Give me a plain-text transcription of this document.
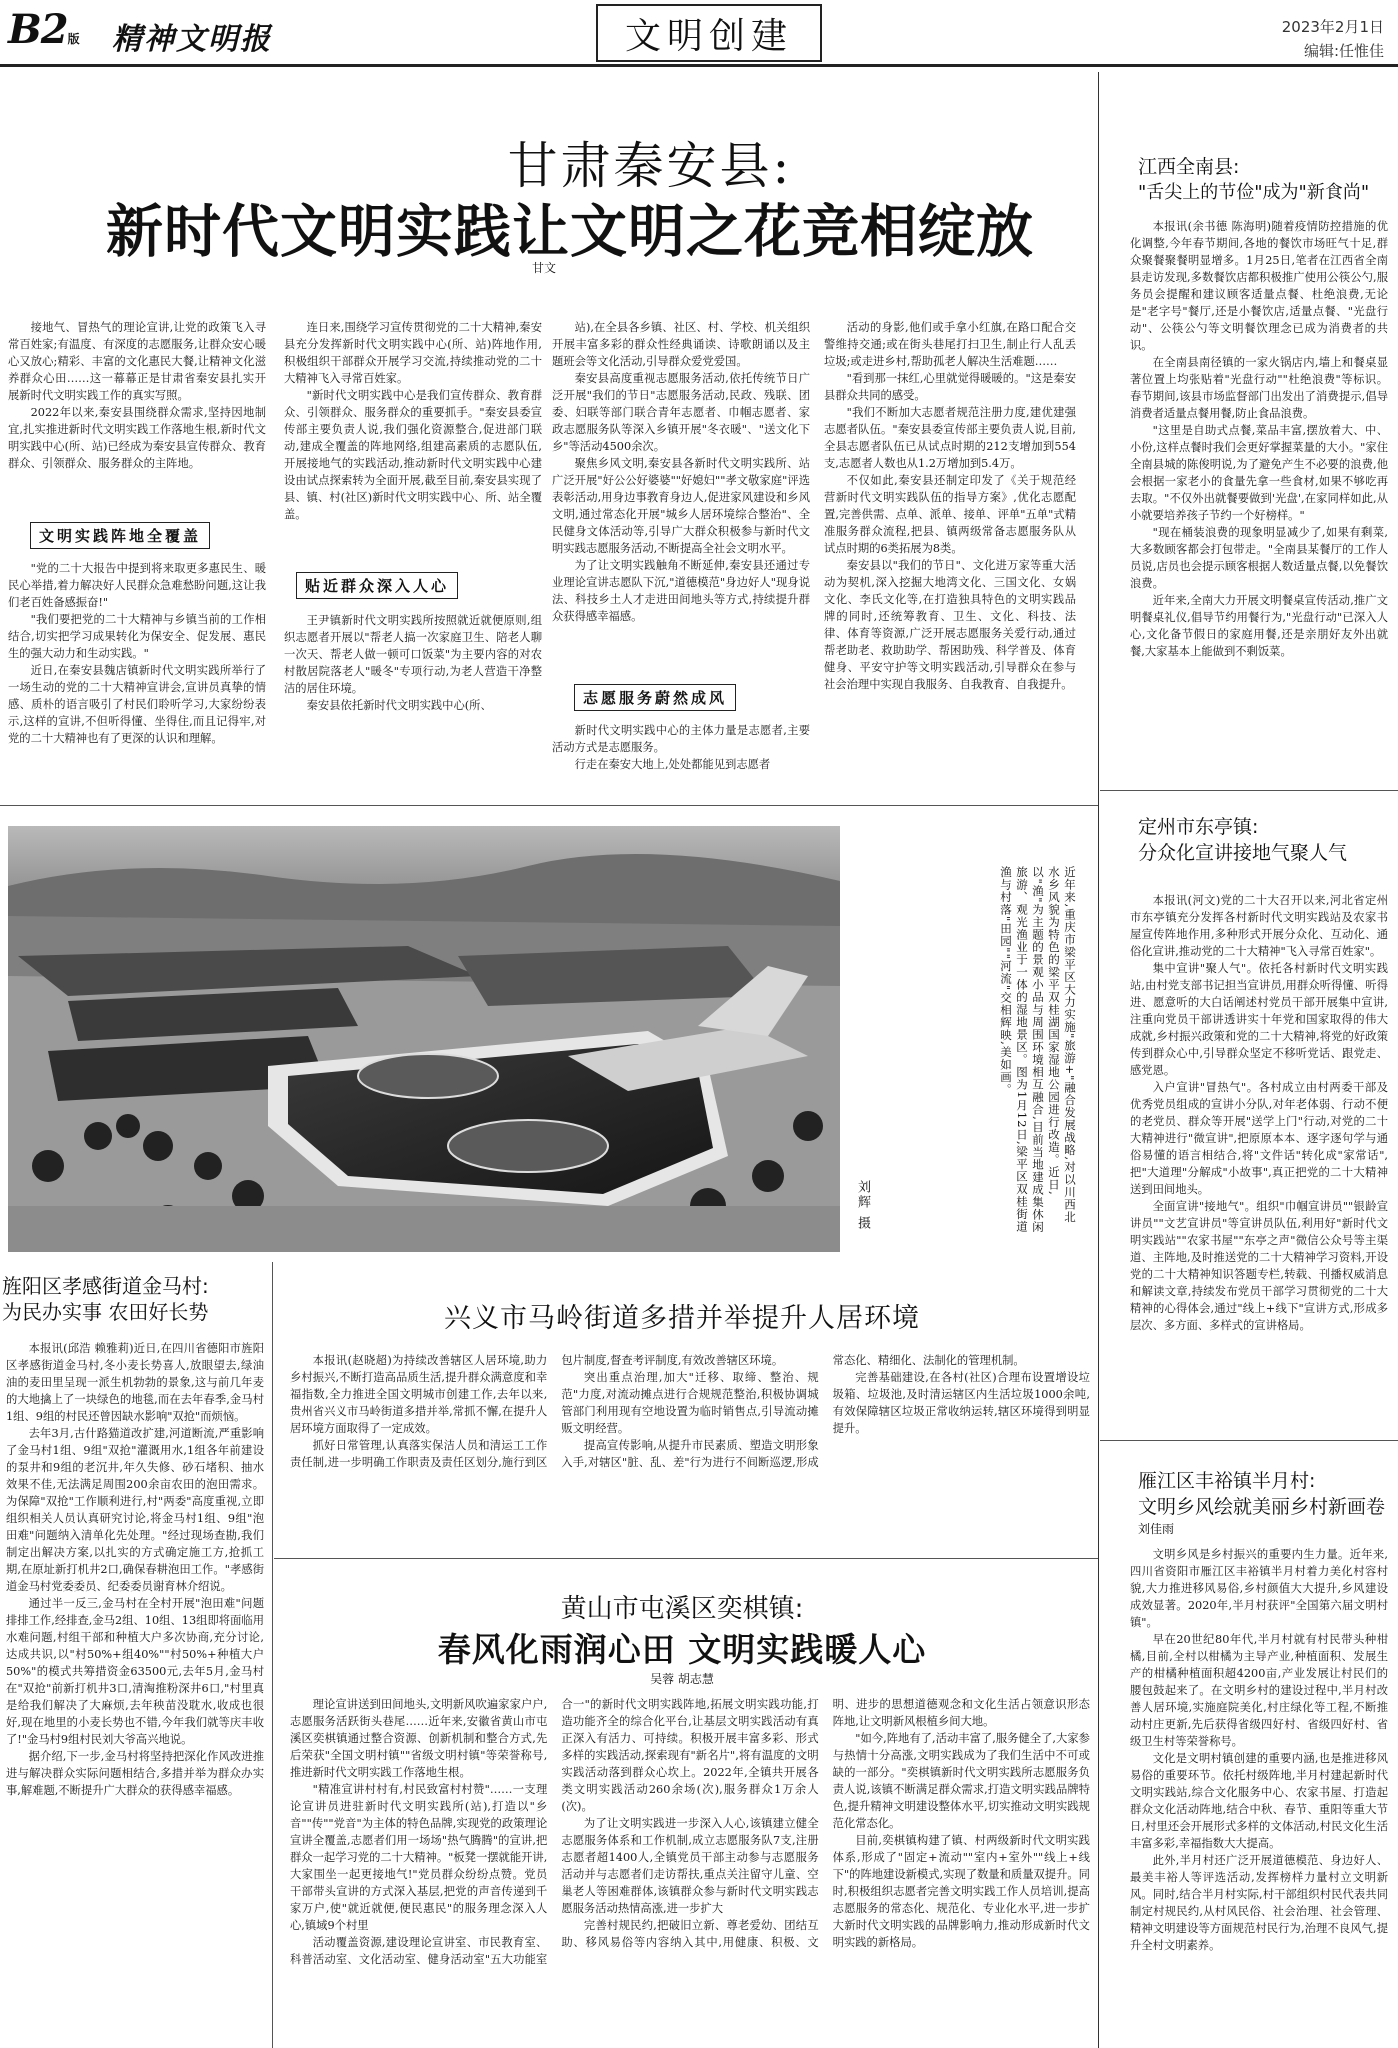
B2版 精神文明报	文明创建	2023年2月1日
编辑:任惟佳
甘肃秦安县:
新时代文明实践让文明之花竞相绽放
甘文

接地气、冒热气的理论宣讲,让党的政策飞入寻常百姓家;有温度、有深度的志愿服务,让群众安心暖心又放心;精彩、丰富的文化惠民大餐,让精神文化滋养群众心田……这一幕幕正是甘肃省秦安县扎实开展新时代文明实践工作的真实写照。

2022年以来,秦安县围绕群众需求,坚持因地制宜,扎实推进新时代文明实践工作落地生根,新时代文明实践中心(所、站)已经成为秦安县宣传群众、教育群众、引领群众、服务群众的主阵地。

文明实践阵地全覆盖

"党的二十大报告中提到将来取更多惠民生、暖民心举措,着力解决好人民群众急难愁盼问题,这让我们老百姓备感振奋!"

"我们要把党的二十大精神与乡镇当前的工作相结合,切实把学习成果转化为保安全、促发展、惠民生的强大动力和生动实践。"

近日,在秦安县魏店镇新时代文明实践所举行了一场生动的党的二十大精神宣讲会,宣讲员真挚的情感、质朴的语言吸引了村民们聆听学习,大家纷纷表示,这样的宣讲,不但听得懂、坐得住,而且记得牢,对党的二十大精神也有了更深的认识和理解。

连日来,围绕学习宣传贯彻党的二十大精神,秦安县充分发挥新时代文明实践中心(所、站)阵地作用,积极组织干部群众开展学习交流,持续推动党的二十大精神飞入寻常百姓家。

"新时代文明实践中心是我们宣传群众、教育群众、引领群众、服务群众的重要抓手。"秦安县委宣传部主要负责人说,我们强化资源整合,促进部门联动,建成全覆盖的阵地网络,组建高素质的志愿队伍,开展接地气的实践活动,推动新时代文明实践中心建设由试点探索转为全面开展,截至目前,秦安县实现了县、镇、村(社区)新时代文明实践中心、所、站全覆盖。

贴近群众深入人心

王尹镇新时代文明实践所按照就近就便原则,组织志愿者开展以"帮老人搞一次家庭卫生、陪老人聊一次天、帮老人做一顿可口饭菜"为主要内容的对农村散居院落老人"暖冬"专项行动,为老人营造干净整洁的居住环境。

秦安县依托新时代文明实践中心(所、

站),在全县各乡镇、社区、村、学校、机关组织开展丰富多彩的群众性经典诵读、诗歌朗诵以及主题班会等文化活动,引导群众爱党爱国。

秦安县高度重视志愿服务活动,依托传统节日广泛开展"我们的节日"志愿服务活动,民政、残联、团委、妇联等部门联合青年志愿者、巾帼志愿者、家政志愿服务队等深入乡镇开展"冬衣暖"、"送文化下乡"等活动4500余次。

聚焦乡风文明,秦安县各新时代文明实践所、站广泛开展"好公公好婆婆""好媳妇""孝文敬家庭"评选表彰活动,用身边事教育身边人,促进家风建设和乡风文明,通过常态化开展"城乡人居环境综合整治"、全民健身文体活动等,引导广大群众积极参与新时代文明实践志愿服务活动,不断提高全社会文明水平。

为了让文明实践触角不断延伸,秦安县还通过专业理论宣讲志愿队下沉,"道德模范"身边好人"现身说法、科技乡土人才走进田间地头等方式,持续提升群众获得感幸福感。

志愿服务蔚然成风

新时代文明实践中心的主体力量是志愿者,主要活动方式是志愿服务。

行走在秦安大地上,处处都能见到志愿者

活动的身影,他们或手拿小红旗,在路口配合交警维持交通;或在街头巷尾打扫卫生,制止行人乱丢垃圾;或走进乡村,帮助孤老人解决生活难题……

"看到那一抹红,心里就觉得暖暖的。"这是秦安县群众共同的感受。

"我们不断加大志愿者规范注册力度,建优建强志愿者队伍。"秦安县委宣传部主要负责人说,目前,全县志愿者队伍已从试点时期的212支增加到554支,志愿者人数也从1.2万增加到5.4万。

不仅如此,秦安县还制定印发了《关于规范经营新时代文明实践队伍的指导方案》,优化志愿配置,完善供需、点单、派单、接单、评单"五单"式精准服务群众流程,把县、镇两级常备志愿服务队从试点时期的6类拓展为8类。

秦安县以"我们的节日"、文化进万家等重大活动为契机,深入挖掘大地湾文化、三国文化、女娲文化、李氏文化等,在打造独具特色的文明实践品牌的同时,还统筹教育、卫生、文化、科技、法律、体育等资源,广泛开展志愿服务关爱行动,通过帮老助老、救助助学、帮困助残、科学普及、体育健身、平安守护等文明实践活动,引导群众在参与社会治理中实现自我服务、自我教育、自我提升。

江西全南县:
"舌尖上的节俭"成为"新食尚"

本报讯(余书德 陈海明)随着疫情防控措施的优化调整,今年春节期间,各地的餐饮市场旺气十足,群众聚餐聚餐明显增多。1月25日,笔者在江西省全南县走访发现,多数餐饮店都积极推广使用公筷公勺,服务员会提醒和建议顾客适量点餐、杜绝浪费,无论是"老字号"餐厅,还是小餐饮店,适量点餐、"光盘行动"、公筷公勺等文明餐饮理念已成为消费者的共识。

在全南县南径镇的一家火锅店内,墙上和餐桌显著位置上均张贴着"光盘行动""杜绝浪费"等标识。春节期间,该县市场监督部门出发出了消费提示,倡导消费者适量点餐用餐,防止食品浪费。

"这里是自助式点餐,菜品丰富,摆放着大、中、小份,这样点餐时我们会更好掌握菜量的大小。"家住全南县城的陈俊明说,为了避免产生不必要的浪费,他会根据一家老小的食量先拿一些食材,如果不够吃再去取。"不仅外出就餐要做到'光盘',在家同样如此,从小就要培养孩子节约一个好榜样。"

"现在桶装浪费的现象明显减少了,如果有剩菜,大多数顾客都会打包带走。"全南县某餐厅的工作人员说,店员也会提示顾客根据人数适量点餐,以免餐饮浪费。

近年来,全南大力开展文明餐桌宣传活动,推广文明餐桌礼仪,倡导节约用餐行为,"光盘行动"已深入人心,文化备节假日的家庭用餐,还是亲朋好友外出就餐,大家基本上能做到不剩饭菜。

定州市东亭镇:
分众化宣讲接地气聚人气

本报讯(河文)党的二十大召开以来,河北省定州市东亭镇充分发挥各村新时代文明实践站及农家书屋宣传阵地作用,多种形式开展分众化、互动化、通俗化宣讲,推动党的二十大精神"飞入寻常百姓家"。

集中宣讲"聚人气"。依托各村新时代文明实践站,由村党支部书记担当宣讲员,用群众听得懂、听得进、愿意听的大白话阐述村党员干部开展集中宣讲,注重向党员干部讲透讲实十年党和国家取得的伟大成就,乡村振兴政策和党的二十大精神,将党的好政策传到群众心中,引导群众坚定不移听党话、跟党走、感党恩。

入户宣讲"冒热气"。各村成立由村两委干部及优秀党员组成的宣讲小分队,对年老体弱、行动不便的老党员、群众等开展"送学上门"行动,对党的二十大精神进行"微宣讲",把原原本本、逐字逐句学与通俗易懂的语言相结合,将"文件话"转化成"家常话",把"大道理"分解成"小故事",真正把党的二十大精神送到田间地头。

全面宣讲"接地气"。组织"巾帼宣讲员""银龄宣讲员""文艺宣讲员"等宣讲员队伍,利用好"新时代文明实践站""农家书屋""东亭之声"微信公众号等主渠道、主阵地,及时推送党的二十大精神学习资料,开设党的二十大精神知识答题专栏,转载、刊播权威消息和解读文章,持续发布党员干部学习贯彻党的二十大精神的心得体会,通过"线上+线下"宣讲方式,形成多层次、多方面、多样式的宣讲格局。

雁江区丰裕镇半月村:
文明乡风绘就美丽乡村新画卷
刘佳雨

文明乡风是乡村振兴的重要内生力量。近年来,四川省资阳市雁江区丰裕镇半月村着力美化村容村貌,大力推进移风易俗,乡村颜值大大提升,乡风建设成效显著。2020年,半月村获评"全国第六届文明村镇"。

早在20世纪80年代,半月村就有村民带头种柑橘,目前,全村以柑橘为主导产业,种植面积、发展生产的柑橘种植面积超4200亩,产业发展让村民们的腰包鼓起来了。在文明乡村的建设过程中,半月村改善人居环境,实施庭院美化,村庄绿化等工程,不断推动村庄更新,先后获得省级四好村、省级四好村、省级卫生村等荣誉称号。

文化是文明村镇创建的重要内涵,也是推进移风易俗的重要环节。依托村级阵地,半月村建起新时代文明实践站,综合文化服务中心、农家书屋、打造起群众文化活动阵地,结合中秋、春节、重阳等重大节日,村里还会开展形式多样的文体活动,村民文化生活丰富多彩,幸福指数大大提高。

此外,半月村还广泛开展道德模范、身边好人、最美丰裕人等评选活动,发挥榜样力量村立文明新风。同时,结合半月村实际,村干部组织村民代表共同制定村规民约,从村风民俗、社会治理、社会管理、精神文明建设等方面规范村民行为,治理不良风气,提升全村文明素养。

近年来,重庆市梁平区大力实施"旅游+"融合发展战略,对以川西北水乡风貌为特色的梁平双桂湖国家湿地公园进行改造。近日,以"渔"为主题的景观小品与周围环境相互融合,目前当地建成集休闲旅游、观光渔业于一体的湿地景区。图为1月12日,梁平区双桂街道渔与村落"田园""河流"交相辉映,美如画。
刘辉 摄
旌阳区孝感街道金马村:
为民办实事 农田好长势

本报讯(邱浩 赖雅莉)近日,在四川省德阳市旌阳区孝感街道金马村,冬小麦长势喜人,放眼望去,绿油油的麦田里呈现一派生机勃勃的景象,这与前几年麦的大地擒上了一块绿色的地毯,而在去年春季,金马村1组、9组的村民还曾因缺水影响"双抢"而烦恼。

去年3月,古什路猫道改扩建,河道断流,严重影响了金马村1组、9组"双抢"灌溉用水,1组各年前建设的泵井和9组的老沉井,年久失修、砂石堵积、抽水效果不佳,无法满足周围200余亩农田的泡田需求。为保障"双抢"工作顺利进行,村"两委"高度重视,立即组织相关人员认真研究讨论,将金马村1组、9组"泡田难"问题纳入清单化先处理。"经过现场查勘,我们制定出解决方案,以扎实的方式确定施工方,抢抓工期,在原址新打机井2口,确保春耕泡田工作。"孝感街道金马村党委委员、纪委委员谢育林介绍说。

通过半一反三,金马村在全村开展"泡田难"问题排排工作,经排查,金马2组、10组、13组即将面临用水难问题,村组干部和种植大户多次协商,充分讨论,达成共识,以"村50%+组40%""村50%+种植大户50%"的模式共筹措资金63500元,去年5月,金马村在"双抢"前新打机井3口,清淘推粉深井6口,"村里真是给我们解决了大麻烦,去年秧苗没耽水,收成也很好,现在地里的小麦长势也不错,今年我们就等庆丰收了!"金马村9组村民刘大爷高兴地说。

据介绍,下一步,金马村将坚持把深化作风改进推进与解决群众实际问题相结合,多措并举为群众办实事,解难题,不断提升广大群众的获得感幸福感。

兴义市马岭街道多措并举提升人居环境

本报讯(赵晓超)为持续改善辖区人居环境,助力乡村振兴,不断打造高品质生活,提升群众满意度和幸福指数,全力推进全国文明城市创建工作,去年以来,贵州省兴义市马岭街道多措并举,常抓不懈,在提升人居环境方面取得了一定成效。

抓好日常管理,认真落实保洁人员和清运工工作责任制,进一步明确工作职责及责任区划分,施行到区包片制度,督查考评制度,有效改善辖区环境。

突出重点治理,加大"迁移、取缔、整治、规范"力度,对流动摊点进行合规规范整治,积极协调城管部门利用现有空地设置为临时销售点,引导流动摊贩文明经营。

提高宣传影响,从提升市民素质、塑造文明形象入手,对辖区"脏、乱、差"行为进行不间断巡逻,形成常态化、精细化、法制化的管理机制。

完善基础建设,在各村(社区)合理布设置增设垃圾箱、垃圾池,及时清运辖区内生活垃圾1000余吨,有效保障辖区垃圾正常收纳运转,辖区环境得到明显提升。

黄山市屯溪区奕棋镇:
春风化雨润心田 文明实践暖人心
吴蓉 胡志慧

理论宣讲送到田间地头,文明新风吹遍家家户户,志愿服务活跃街头巷尾……近年来,安徽省黄山市屯溪区奕棋镇通过整合资源、创新机制和整合方式,先后荣获"全国文明村镇""省级文明村镇"等荣誉称号,推进新时代文明实践工作落地生根。

"精准宣讲村村有,村民致富村村赞"……一支理论宣讲员进驻新时代文明实践所(站),打造以"乡音""传""党音"为主体的特色品牌,实现党的政策理论宣讲全覆盖,志愿者们用一场场"热气腾腾"的宣讲,把群众一起学习党的二十大精神。"板凳一摆就能开讲,大家围坐一起更接地气!"党员群众纷纷点赞。党员干部带头宣讲的方式深入基层,把党的声音传递到千家万户,使"就近就便,便民惠民"的服务理念深入人心,镇域9个村里

活动覆盖资源,建设理论宣讲室、市民教育室、科普活动室、文化活动室、健身活动室"五大功能室合一"的新时代文明实践阵地,拓展文明实践功能,打造功能齐全的综合化平台,让基层文明实践活动有真正深入有活力、可持续。积极开展丰富多彩、形式多样的实践活动,探索现有"新名片",将有温度的文明实践活动落到群众心坎上。2022年,全镇共开展各类文明实践活动260余场(次),服务群众1万余人(次)。

为了让文明实践进一步深入人心,该镇建立健全志愿服务体系和工作机制,成立志愿服务队7支,注册志愿者超1400人,全镇党员干部主动参与志愿服务活动并与志愿者们走访帮扶,重点关注留守儿童、空巢老人等困难群体,该镇群众参与新时代文明实践志愿服务活动热情高涨,进一步扩大

完善村规民约,把破旧立新、尊老爱幼、团结互助、移风易俗等内容纳入其中,用健康、积极、文明、进步的思想道德观念和文化生活占领意识形态阵地,让文明新风根植乡间大地。

"如今,阵地有了,活动丰富了,服务健全了,大家参与热情十分高涨,文明实践成为了我们生活中不可或缺的一部分。"奕棋镇新时代文明实践所志愿服务负责人说,该镇不断满足群众需求,打造文明实践品牌特色,提升精神文明建设整体水平,切实推动文明实践规范化常态化。

目前,奕棋镇构建了镇、村两级新时代文明实践体系,形成了"固定+流动""室内+室外""线上+线下"的阵地建设新模式,实现了数量和质量双提升。同时,积极组织志愿者完善文明实践工作人员培训,提高志愿服务的常态化、规范化、专业化水平,进一步扩大新时代文明实践的品牌影响力,推动形成新时代文明实践的新格局。
